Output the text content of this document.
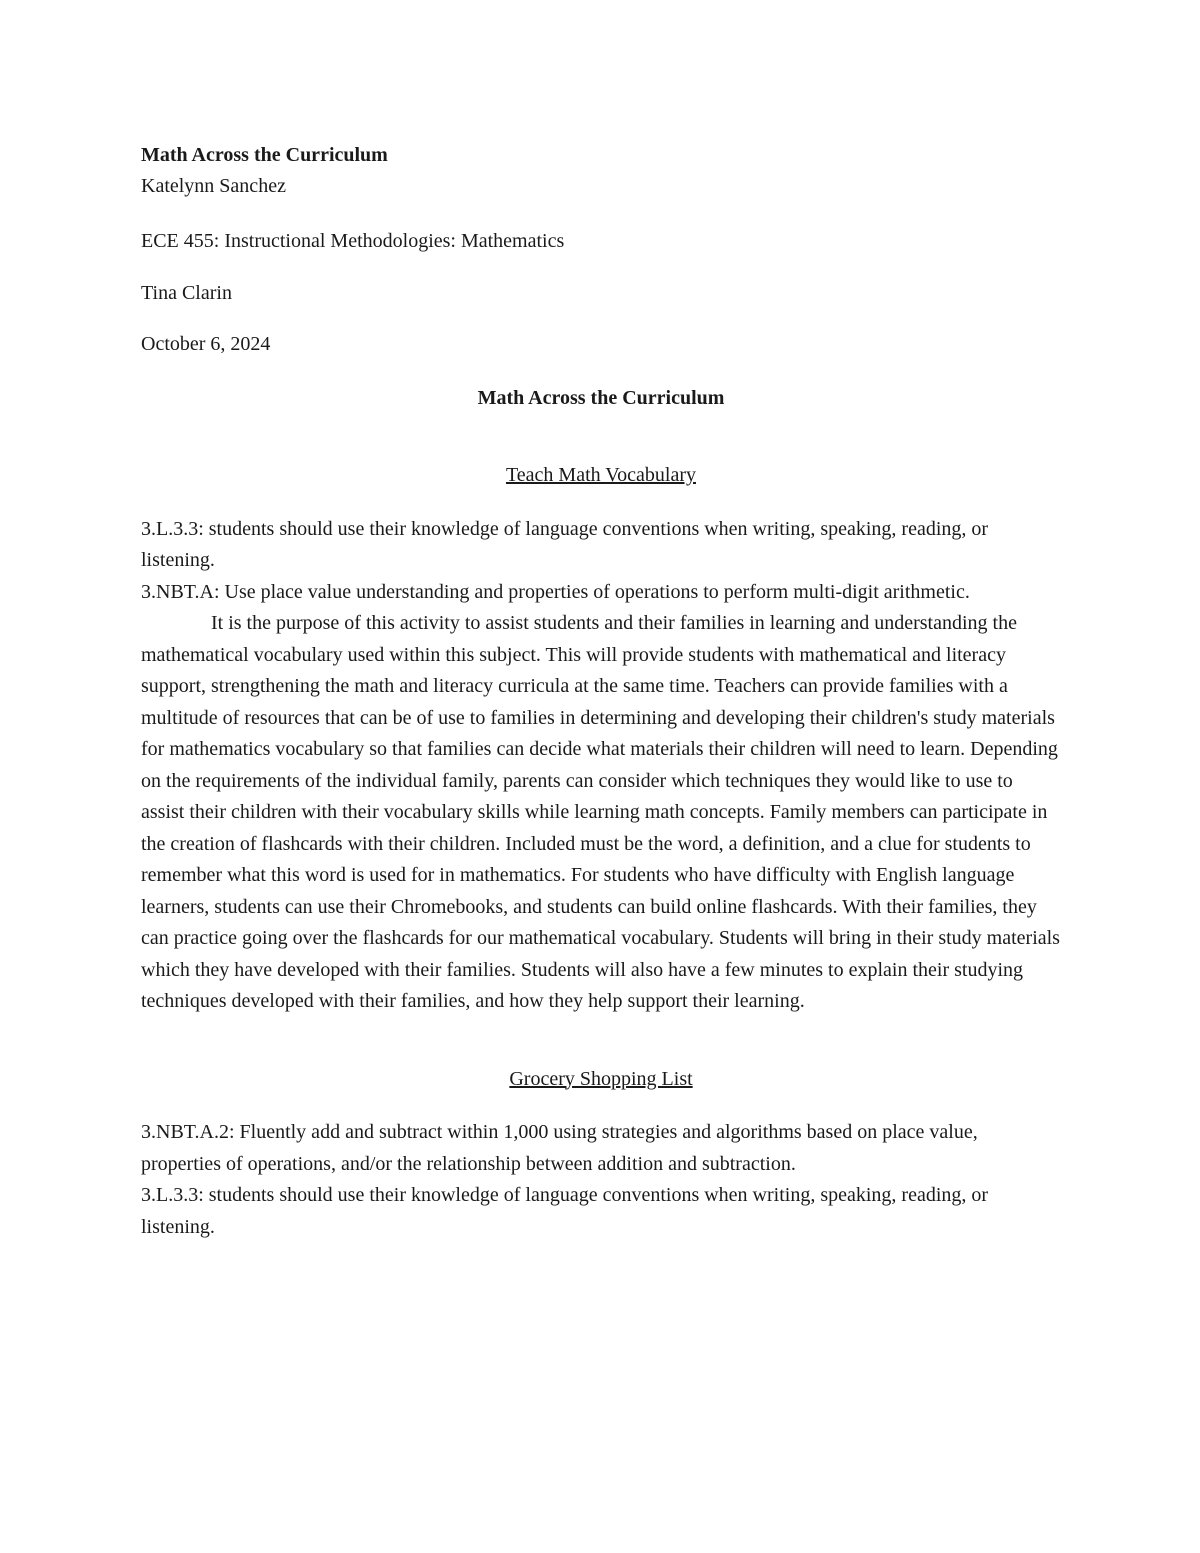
Math Across the Curriculum

Katelynn Sanchez

ECE 455: Instructional Methodologies: Mathematics

Tina Clarin

October 6, 2024

Math Across the Curriculum

Teach Math Vocabulary

3.L.3.3: students should use their knowledge of language conventions when writing, speaking, reading, or listening.

3.NBT.A: Use place value understanding and properties of operations to perform multi-digit arithmetic.

It is the purpose of this activity to assist students and their families in learning and understanding the mathematical vocabulary used within this subject. This will provide students with mathematical and literacy support, strengthening the math and literacy curricula at the same time. Teachers can provide families with a multitude of resources that can be of use to families in determining and developing their children's study materials for mathematics vocabulary so that families can decide what materials their children will need to learn. Depending on the requirements of the individual family, parents can consider which techniques they would like to use to assist their children with their vocabulary skills while learning math concepts. Family members can participate in the creation of flashcards with their children. Included must be the word, a definition, and a clue for students to remember what this word is used for in mathematics. For students who have difficulty with English language learners, students can use their Chromebooks, and students can build online flashcards. With their families, they can practice going over the flashcards for our mathematical vocabulary. Students will bring in their study materials which they have developed with their families. Students will also have a few minutes to explain their studying techniques developed with their families, and how they help support their learning.

Grocery Shopping List

3.NBT.A.2: Fluently add and subtract within 1,000 using strategies and algorithms based on place value, properties of operations, and/or the relationship between addition and subtraction.

3.L.3.3: students should use their knowledge of language conventions when writing, speaking, reading, or listening.
